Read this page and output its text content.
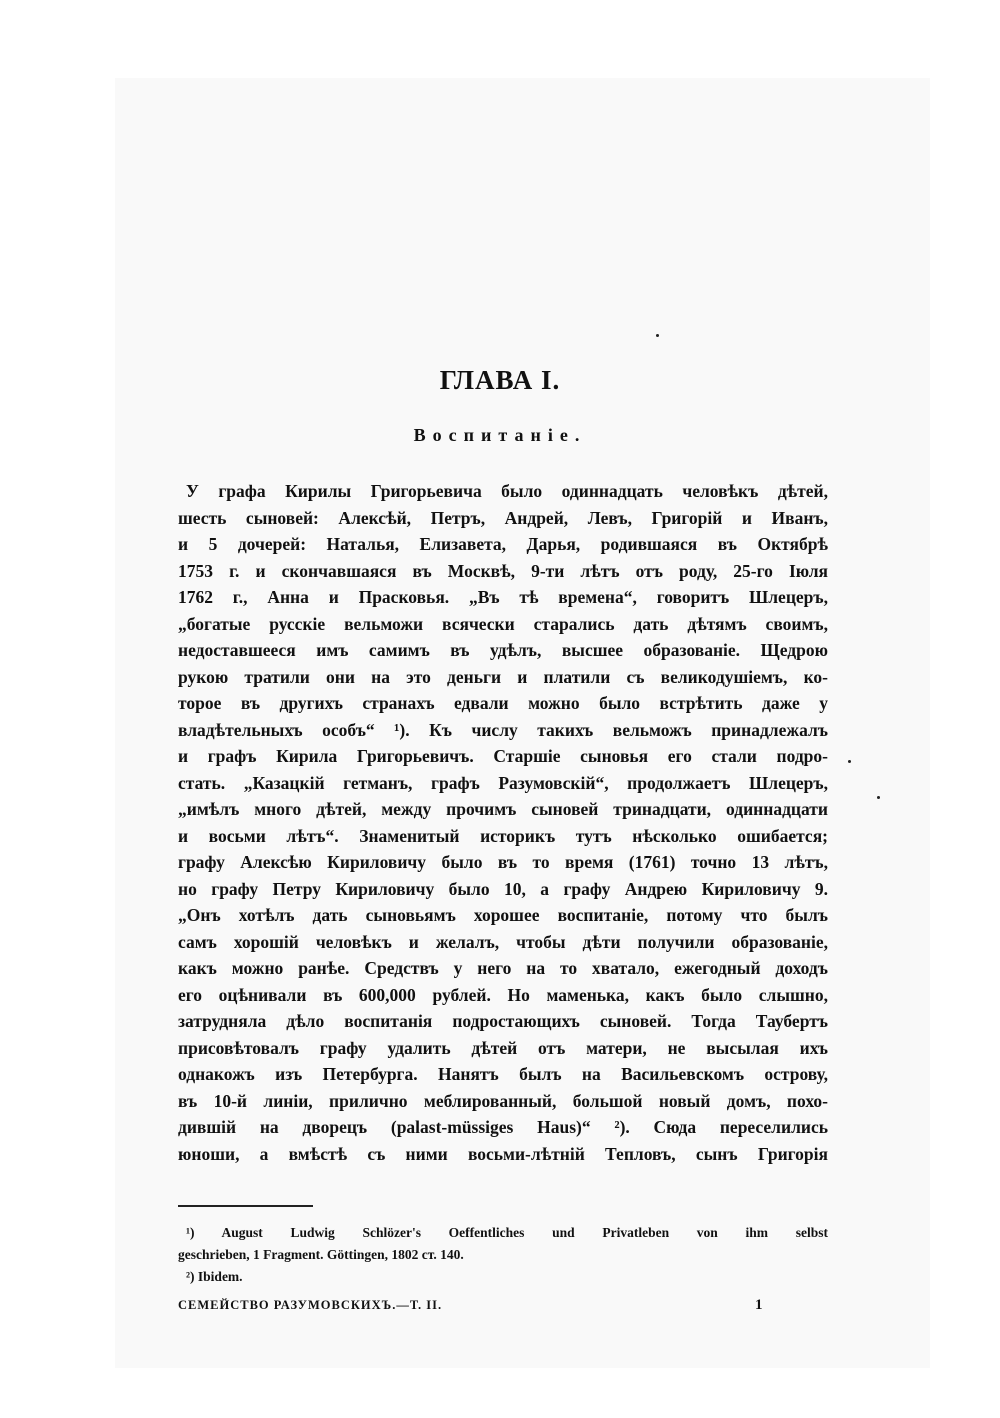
ГЛАВА I.
Воспитаніе.
У графа Кирилы Григорьевича было одиннадцать человѣкъ дѣтей,
шесть сыновей: Алексѣй, Петръ, Андрей, Левъ, Григорій и Иванъ,
и 5 дочерей: Наталья, Елизавета, Дарья, родившаяся въ Октябрѣ
1753 г. и скончавшаяся въ Москвѣ, 9-ти лѣтъ отъ роду, 25-го Іюля
1762 г., Анна и Прасковья. „Въ тѣ времена“, говоритъ Шлецеръ,
„богатые русскіе вельможи всячески старались дать дѣтямъ своимъ,
недоставшееся имъ самимъ въ удѣлъ, высшее образованіе. Щедрою
рукою тратили они на это деньги и платили съ великодушіемъ, ко-
торое въ другихъ странахъ едвали можно было встрѣтить даже у
владѣтельныхъ особъ“ ¹). Къ числу такихъ вельможъ принадлежалъ
и графъ Кирила Григорьевичъ. Старшіе сыновья его стали подро-
стать. „Казацкій гетманъ, графъ Разумовскій“, продолжаетъ Шлецеръ,
„имѣлъ много дѣтей, между прочимъ сыновей тринадцати, одиннадцати
и восьми лѣтъ“. Знаменитый историкъ тутъ нѣсколько ошибается;
графу Алексѣю Кириловичу было въ то время (1761) точно 13 лѣтъ,
но графу Петру Кириловичу было 10, а графу Андрею Кириловичу 9.
„Онъ хотѣлъ дать сыновьямъ хорошее воспитаніе, потому что былъ
самъ хорошій человѣкъ и желалъ, чтобы дѣти получили образованіе,
какъ можно ранѣе. Средствъ у него на то хватало, ежегодный доходъ
его оцѣнивали въ 600,000 рублей. Но маменька, какъ было слышно,
затрудняла дѣло воспитанія подростающихъ сыновей. Тогда Таубертъ
присовѣтовалъ графу удалить дѣтей отъ матери, не высылая ихъ
однакожъ изъ Петербурга. Нанятъ былъ на Васильевскомъ острову,
въ 10-й линіи, прилично меблированный, большой новый домъ, похо-
дившій на дворецъ (palast-müssiges Haus)“ ²). Сюда переселились
юноши, а вмѣстѣ съ ними восьми-лѣтній Тепловъ, сынъ Григорія
¹) August Ludwig Schlözer's Oeffentliches und Privatleben von ihm selbst
geschrieben, 1 Fragment. Göttingen, 1802 ст. 140.
²) Ibidem.
СЕМЕЙСТВО РАЗУМОВСКИХЪ.—Т. II.	1
